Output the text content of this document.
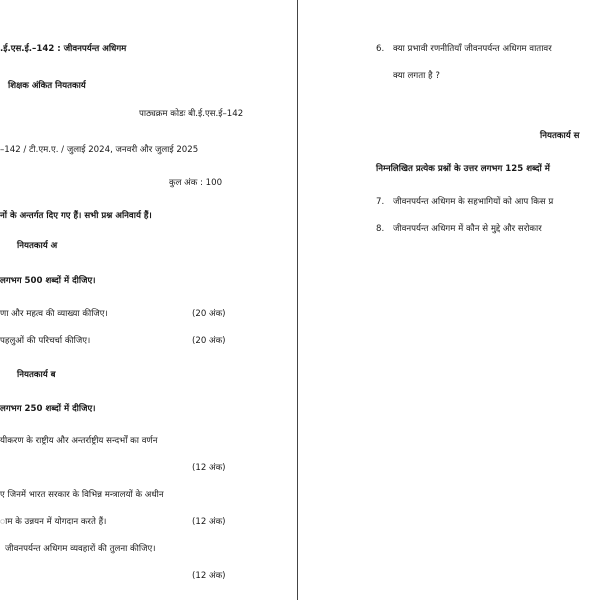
.ई.एस.ई.–142 : जीवनपर्यन्त अधिगम
शिक्षक अंकित नियतकार्य
पाठ्यक्रम कोडः बी.ई.एस.ई–142
–142 / टी.एम.ए. / जुलाई 2024, जनवरी और जुलाई 2025
कुल अंक : 100
नों के अन्तर्गत दिए गए हैं। सभी प्रश्न अनिवार्य हैं।
नियतकार्य अ
लगभग 500 शब्दों में दीजिए।
णा और महत्व की व्याख्या कीजिए।	(20 अंक)
पहलुओं की परिचर्चा कीजिए।	(20 अंक)
नियतकार्य ब
लगभग 250 शब्दों में दीजिए।
यीकरण के राष्ट्रीय और अन्तर्राष्ट्रीय सन्दर्भों का वर्णन
(12 अंक)
ए जिनमें भारत सरकार के विभिन्न मन्त्रालयों के अधीन
ाम के उन्नयन में योगदान करते हैं।	(12 अंक)
जीवनपर्यन्त अधिगम व्यवहारों की तुलना कीजिए।
(12 अंक)
6. क्या प्रभावी रणनीतियाँ जीवनपर्यन्त अधिगम वातावर
क्या लगता है ?
नियतकार्य स
निम्नलिखित प्रत्येक प्रश्नों के उत्तर लगभग 125 शब्दों में
7. जीवनपर्यन्त अधिगम के सहभागियों को आप किस प्र
8. जीवनपर्यन्त अधिगम में कौन से मुद्दे और सरोकार
